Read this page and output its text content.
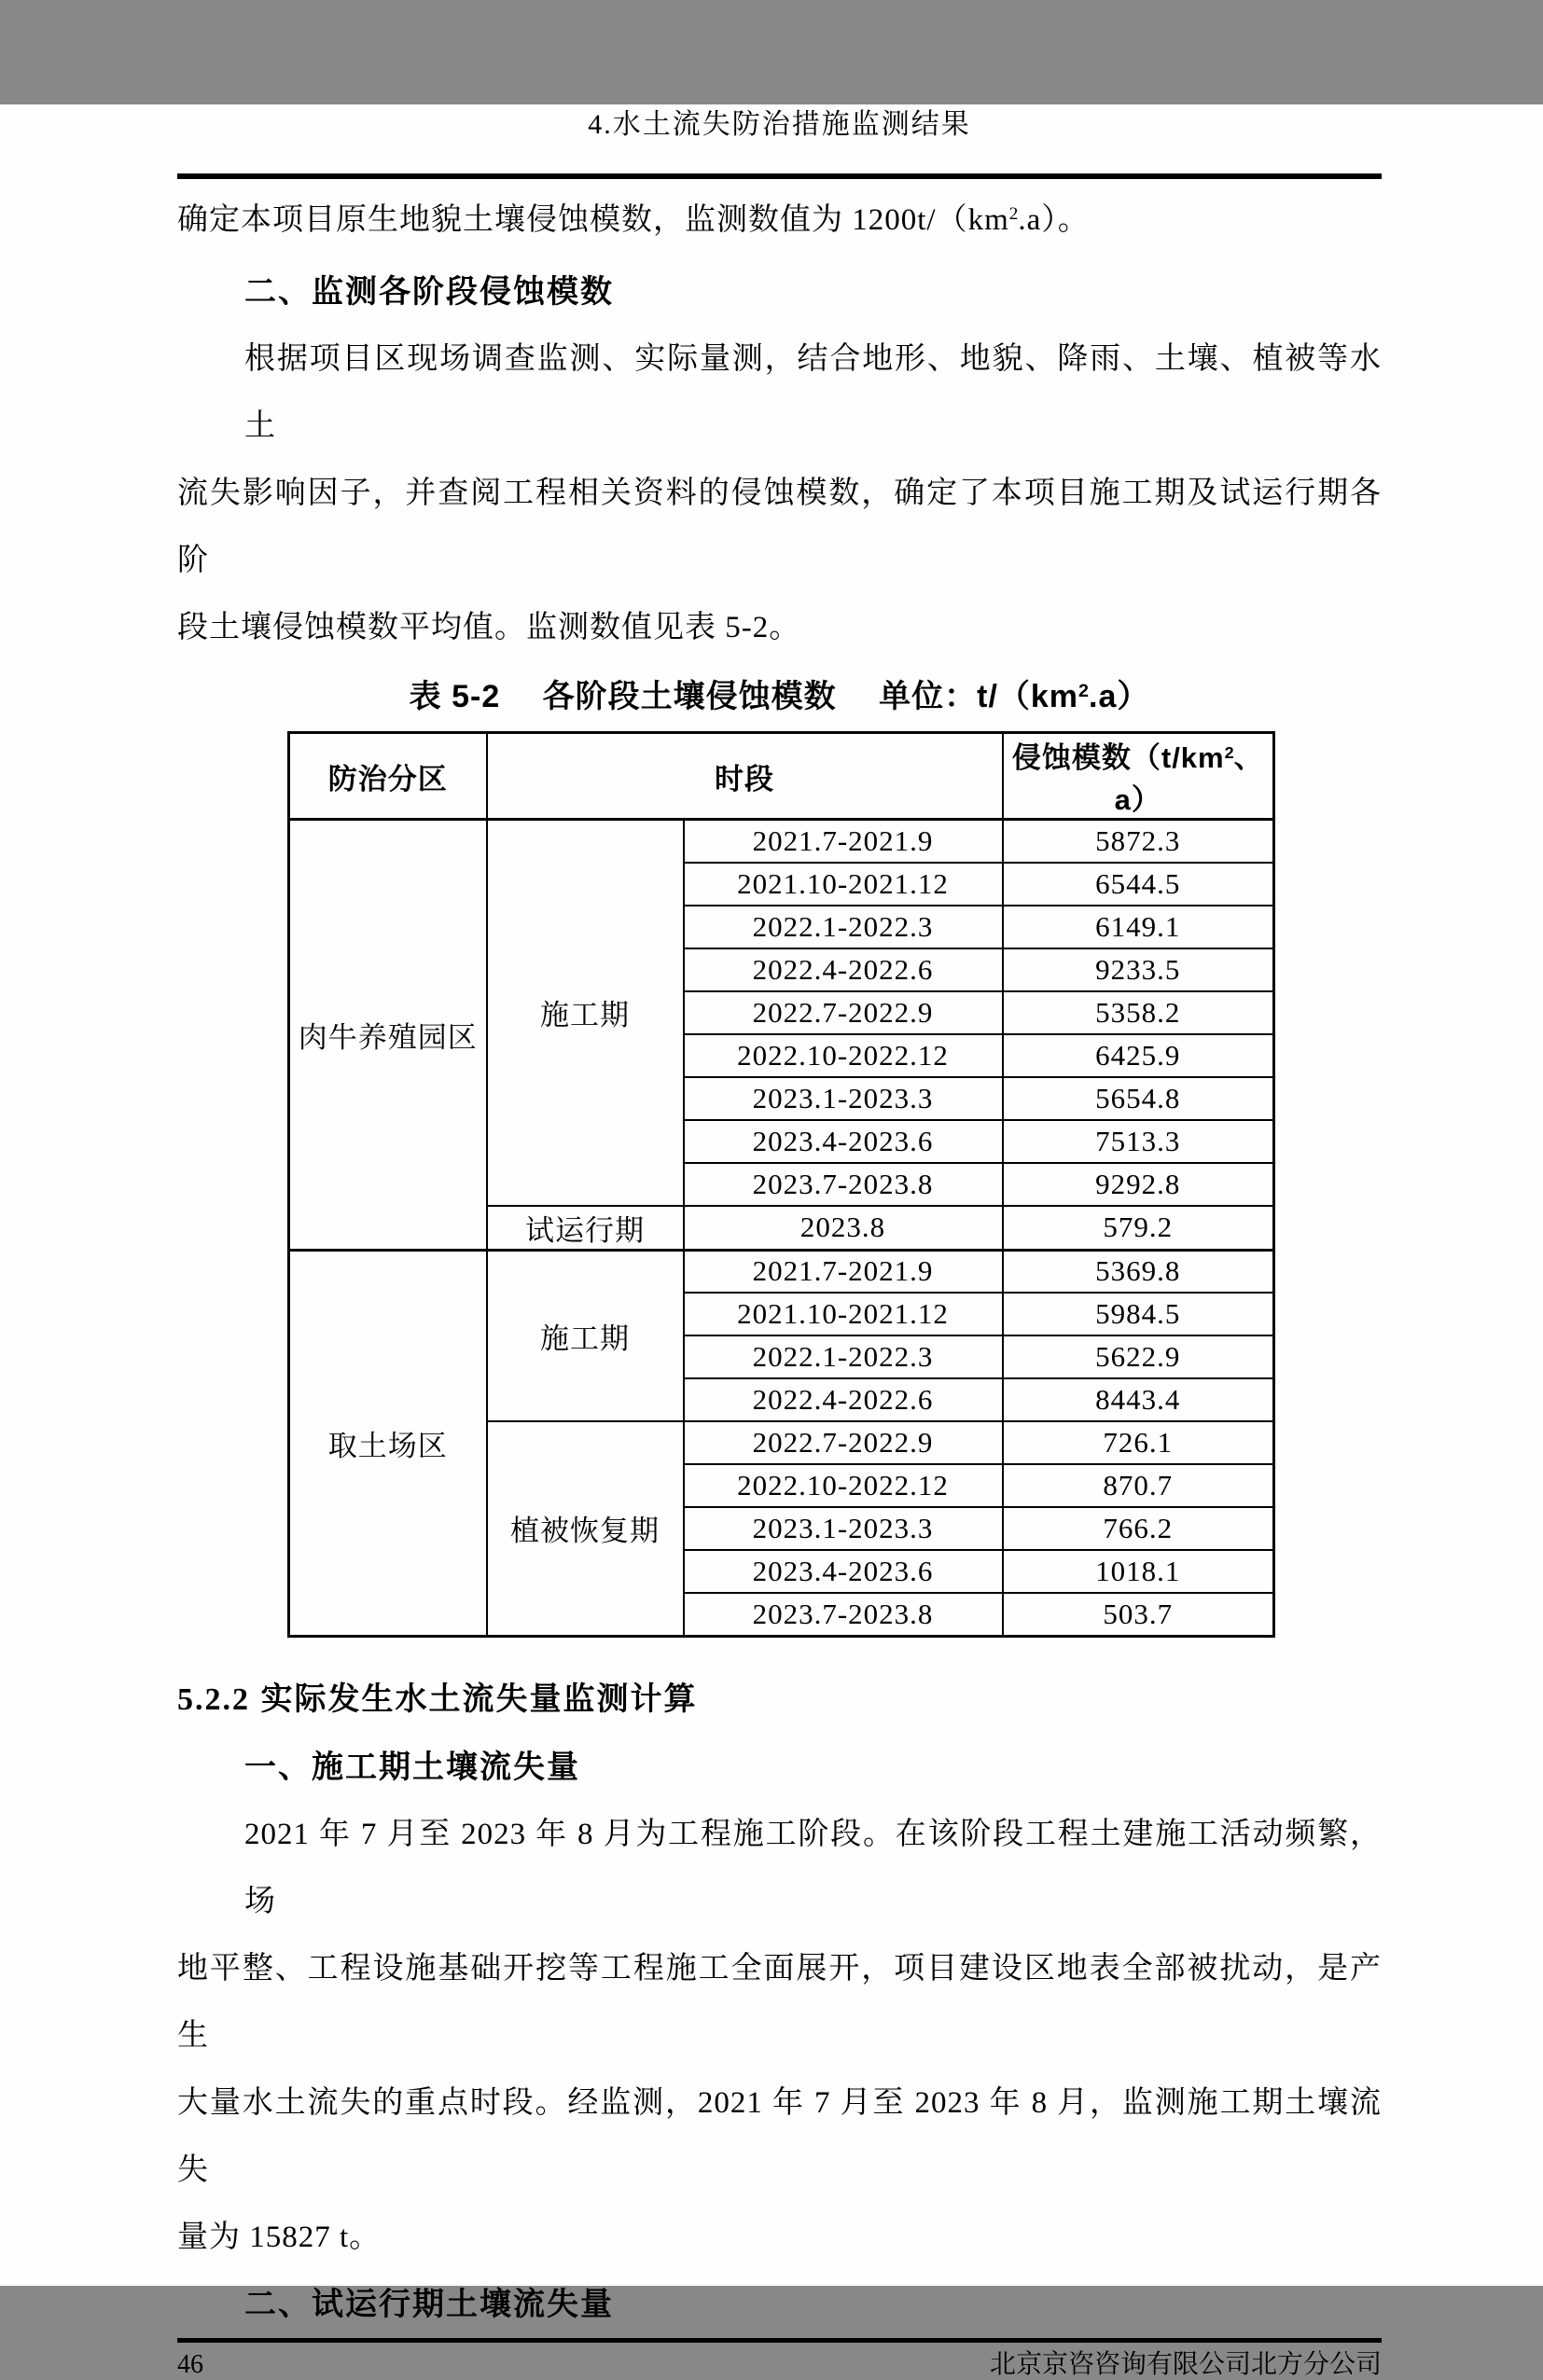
4.水土流失防治措施监测结果
确定本项目原生地貌土壤侵蚀模数，监测数值为 $1200t/(km^2.a)$。
二、监测各阶段侵蚀模数
根据项目区现场调查监测、实际量测，结合地形、地貌、降雨、土壤、植被等水土
流失影响因子，并查阅工程相关资料的侵蚀模数，确定了本项目施工期及试运行期各阶
段土壤侵蚀模数平均值。监测数值见表 5-2。
表 5-2　 各阶段土壤侵蚀模数　 单位：$t/(km^2.a)$
防治分区	时段		侵蚀模数（$t/km^2$、a）
肉牛养殖园区	施工期	2021.7-2021.9	5872.3
		2021.10-2021.12	6544.5
		2022.1-2022.3	6149.1
		2022.4-2022.6	9233.5
		2022.7-2022.9	5358.2
		2022.10-2022.12	6425.9
		2023.1-2023.3	5654.8
		2023.4-2023.6	7513.3
		2023.7-2023.8	9292.8
	试运行期	2023.8	579.2
取土场区	施工期	2021.7-2021.9	5369.8
		2021.10-2021.12	5984.5
		2022.1-2022.3	5622.9
		2022.4-2022.6	8443.4
	植被恢复期	2022.7-2022.9	726.1
		2022.10-2022.12	870.7
		2023.1-2023.3	766.2
		2023.4-2023.6	1018.1
		2023.7-2023.8	503.7
5.2.2 实际发生水土流失量监测计算
一、施工期土壤流失量
2021 年 7 月至 2023 年 8 月为工程施工阶段。在该阶段工程土建施工活动频繁，场
地平整、工程设施基础开挖等工程施工全面展开，项目建设区地表全部被扰动，是产生
大量水土流失的重点时段。经监测，2021 年 7 月至 2023 年 8 月，监测施工期土壤流失
量为 15827 t。
二、试运行期土壤流失量
46	北京京咨咨询有限公司北方分公司
